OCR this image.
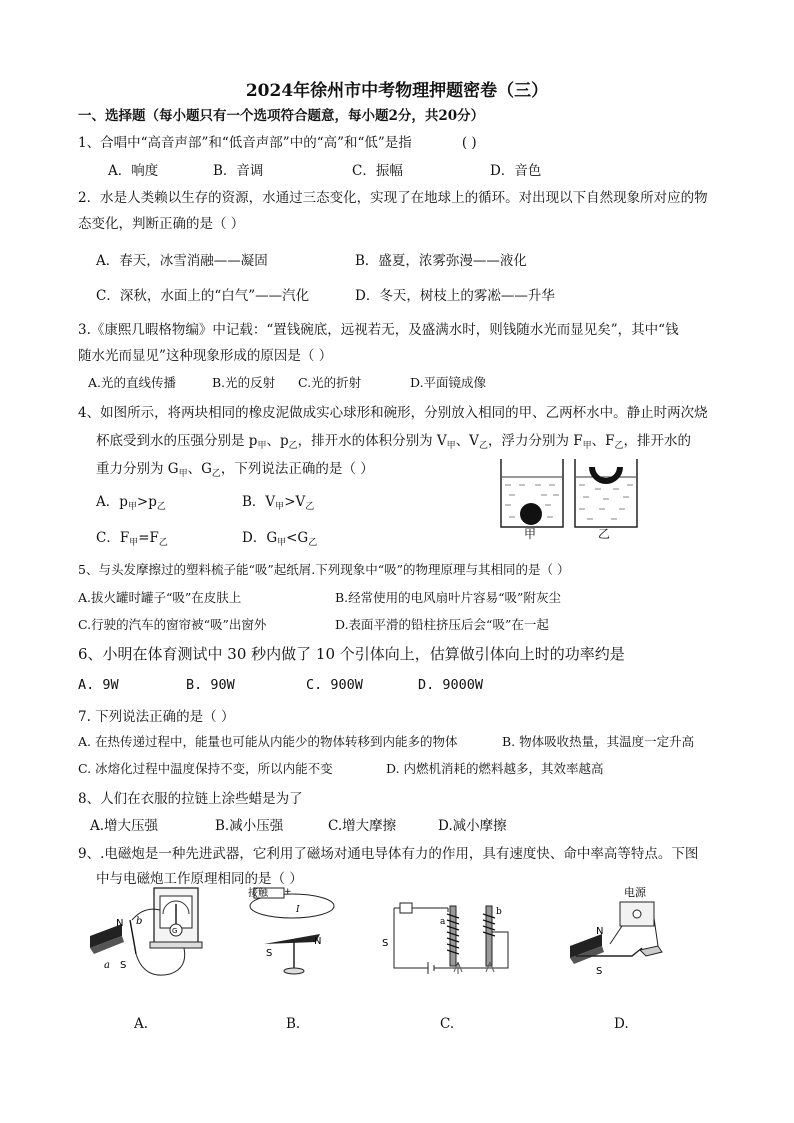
2024年徐州市中考物理押题密卷（三）
一、选择题（每小题只有一个选项符合题意，每小题2分，共20分）
1、合唱中“高音声部”和“低音声部”中的“高”和“低”是指	( )
A．响度	B．音调	C．振幅	D．音色
2．水是人类赖以生存的资源，水通过三态变化，实现了在地球上的循环。对出现以下自然现象所对应的物
态变化，判断正确的是（ ）
A．春天，冰雪消融——凝固	B．盛夏，浓雾弥漫——液化
C．深秋，水面上的“白气”——汽化	D．冬天，树枝上的雾凇——升华
3.《康熙几暇格物编》中记载：“置钱碗底，远视若无，及盛满水时，则钱随水光而显见矣”，其中“钱
随水光而显见”这种现象形成的原因是（ ）
A.光的直线传播	B.光的反射 C.光的折射	D.平面镜成像
4、如图所示，将两块相同的橡皮泥做成实心球形和碗形，分别放入相同的甲、乙两杯水中。静止时两次烧
杯底受到水的压强分别是 $p_甲$、$p_乙$，排开水的体积分别为 $V_甲$、$V_乙$，浮力分别为 $F_甲$、$F_乙$，排开水的
重力分别为 $G_甲$、$G_乙$，下列说法正确的是（ ）
A．$p_甲>p_乙$	B．$V_甲>V_乙$
C．$F_甲=F_乙$	D．$G_甲<G_乙$
甲	乙
5、与头发摩擦过的塑料梳子能“吸”起纸屑.下列现象中“吸”的物理原理与其相同的是（ ）
A.拔火罐时罐子“吸”在皮肤上	B.经常使用的电风扇叶片容易“吸”附灰尘
C.行驶的汽车的窗帘被“吸”出窗外	D.表面平滑的铅柱挤压后会“吸”在一起
6、小明在体育测试中 30 秒内做了 10 个引体向上，估算做引体向上时的功率约是
A. 9W	B. 90W	C. 900W	D. 9000W
7. 下列说法正确的是（ ）
A. 在热传递过程中，能量也可能从内能少的物体转移到内能多的物体	B. 物体吸收热量，其温度一定升高
C. 冰熔化过程中温度保持不变，所以内能不变	D. 内燃机消耗的燃料越多，其效率越高
8、人们在衣服的拉链上涂些蜡是为了
A.增大压强	B.减小压强	C.增大摩擦	D.减小摩擦
9、.电磁炮是一种先进武器，它利用了磁场对通电导体有力的作用，具有速度快、命中率高等特点。下图
中与电磁炮工作原理相同的是（ ）
G
N b
S
a
接触 +
I
S
N	S
a
b
电源
N
S
A.	B.	C.	D.
